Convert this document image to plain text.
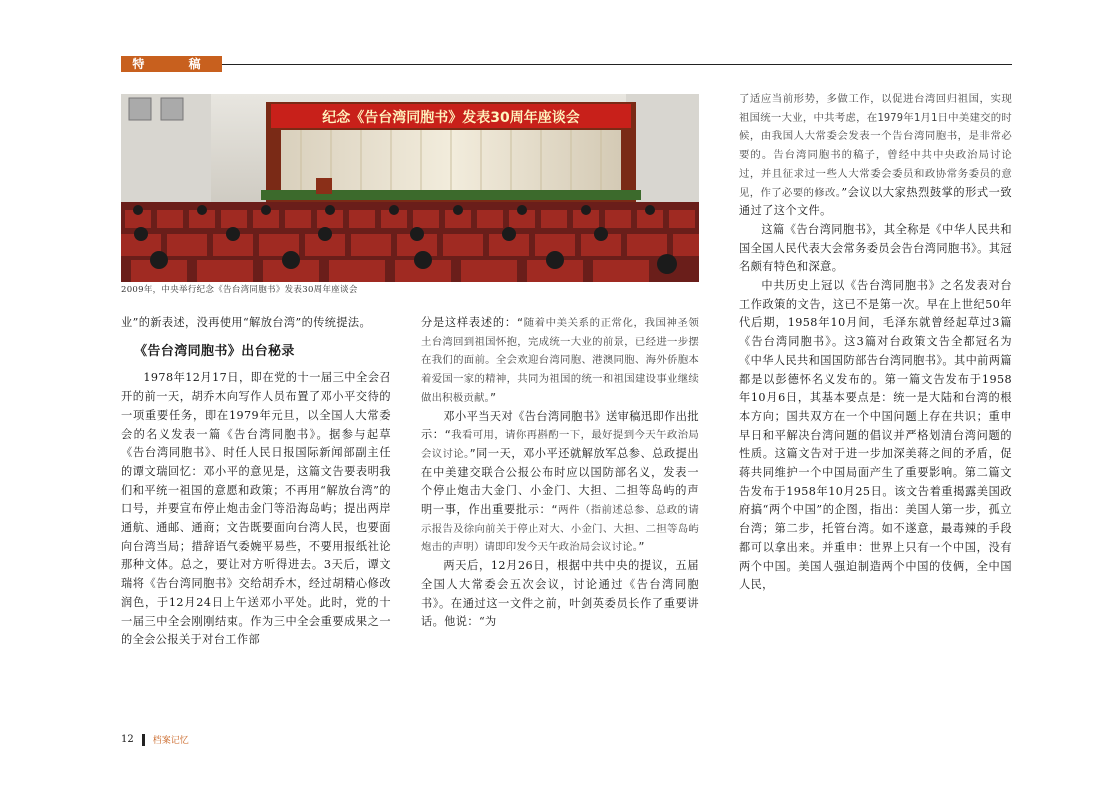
特 稿
纪念《告台湾同胞书》发表30周年座谈会
2009年，中央举行纪念《告台湾同胞书》发表30周年座谈会

业”的新表述，没再使用“解放台湾”的传统提法。

《告台湾同胞书》出台秘录

1978年12月17日，即在党的十一届三中全会召开的前一天，胡乔木向写作人员布置了邓小平交待的一项重要任务，即在1979年元旦，以全国人大常委会的名义发表一篇《告台湾同胞书》。据参与起草《告台湾同胞书》、时任人民日报国际新闻部副主任的谭文瑞回忆：邓小平的意见是，这篇文告要表明我们和平统一祖国的意愿和政策；不再用“解放台湾”的口号，并要宣布停止炮击金门等沿海岛屿；提出两岸通航、通邮、通商；文告既要面向台湾人民，也要面向台湾当局；措辞语气委婉平易些，不要用报纸社论那种文体。总之，要让对方听得进去。3天后，谭文瑞将《告台湾同胞书》交给胡乔木，经过胡精心修改润色，于12月24日上午送邓小平处。此时，党的十一届三中全会刚刚结束。作为三中全会重要成果之一的全会公报关于对台工作部

分是这样表述的：“随着中美关系的正常化，我国神圣领土台湾回到祖国怀抱，完成统一大业的前景，已经进一步摆在我们的面前。全会欢迎台湾同胞、港澳同胞、海外侨胞本着爱国一家的精神，共同为祖国的统一和祖国建设事业继续做出积极贡献。”

邓小平当天对《告台湾同胞书》送审稿迅即作出批示：“我看可用，请你再斟酌一下，最好提到今天午政治局会议讨论。”同一天，邓小平还就解放军总参、总政提出在中美建交联合公报公布时应以国防部名义，发表一个停止炮击大金门、小金门、大担、二担等岛屿的声明一事，作出重要批示：“两件（指前述总参、总政的请示报告及徐向前关于停止对大、小金门、大担、二担等岛屿炮击的声明）请即印发今天午政治局会议讨论。”

两天后，12月26日，根据中共中央的提议，五届全国人大常委会五次会议，讨论通过《告台湾同胞书》。在通过这一文件之前，叶剑英委员长作了重要讲话。他说：“为

了适应当前形势，多做工作，以促进台湾回归祖国，实现祖国统一大业，中共考虑，在1979年1月1日中美建交的时候，由我国人大常委会发表一个告台湾同胞书，是非常必要的。告台湾同胞书的稿子，曾经中共中央政治局讨论过，并且征求过一些人大常委会委员和政协常务委员的意见，作了必要的修改。”会议以大家热烈鼓掌的形式一致通过了这个文件。

这篇《告台湾同胞书》，其全称是《中华人民共和国全国人民代表大会常务委员会告台湾同胞书》。其冠名颇有特色和深意。

中共历史上冠以《告台湾同胞书》之名发表对台工作政策的文告，这已不是第一次。早在上世纪50年代后期，1958年10月间，毛泽东就曾经起草过3篇《告台湾同胞书》。这3篇对台政策文告全都冠名为《中华人民共和国国防部告台湾同胞书》。其中前两篇都是以彭德怀名义发布的。第一篇文告发布于1958年10月6日，其基本要点是：统一是大陆和台湾的根本方向；国共双方在一个中国问题上存在共识；重申早日和平解决台湾问题的倡议并严格划清台湾问题的性质。这篇文告对于进一步加深美蒋之间的矛盾，促蒋共同维护一个中国局面产生了重要影响。第二篇文告发布于1958年10月25日。该文告着重揭露美国政府搞“两个中国”的企图，指出：美国人第一步，孤立台湾；第二步，托管台湾。如不遂意，最毒辣的手段都可以拿出来。并重申：世界上只有一个中国，没有两个中国。美国人强迫制造两个中国的伎俩，全中国人民，

12 档案记忆
